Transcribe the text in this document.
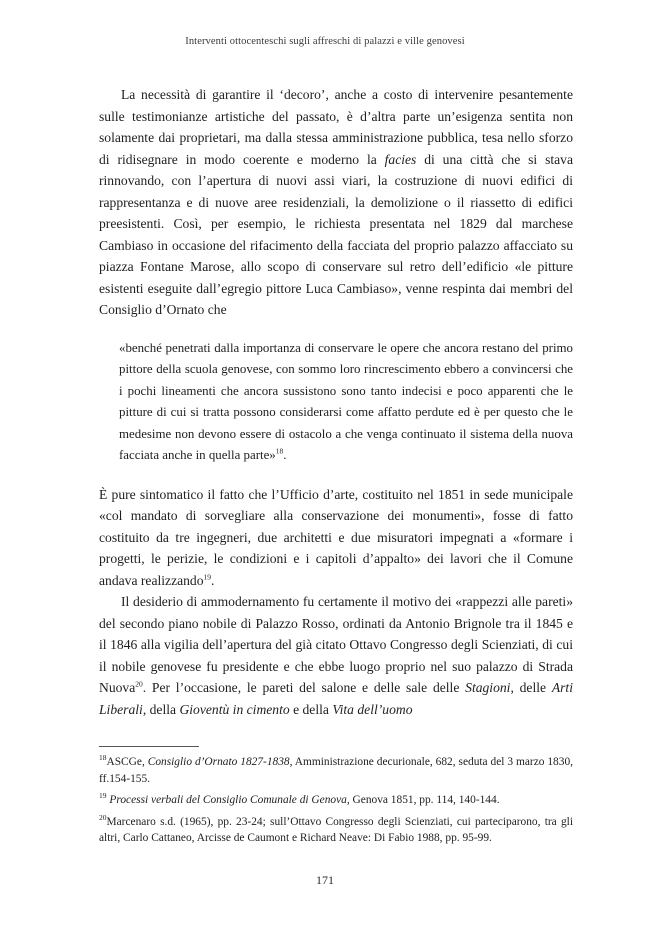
Interventi ottocenteschi sugli affreschi di palazzi e ville genovesi

La necessità di garantire il ‘decoro’, anche a costo di intervenire pesantemente sulle testimonianze artistiche del passato, è d’altra parte un’esigenza sentita non solamente dai proprietari, ma dalla stessa amministrazione pubblica, tesa nello sforzo di ridisegnare in modo coerente e moderno la facies di una città che si stava rinnovando, con l’apertura di nuovi assi viari, la costruzione di nuovi edifici di rappresentanza e di nuove aree residenziali, la demolizione o il riassetto di edifici preesistenti. Così, per esempio, le richiesta presentata nel 1829 dal marchese Cambiaso in occasione del rifacimento della facciata del proprio palazzo affacciato su piazza Fontane Marose, allo scopo di conservare sul retro dell’edificio «le pitture esistenti eseguite dall’egregio pittore Luca Cambiaso», venne respinta dai membri del Consiglio d’Ornato che

«benché penetrati dalla importanza di conservare le opere che ancora restano del primo pittore della scuola genovese, con sommo loro rincrescimento ebbero a convincersi che i pochi lineamenti che ancora sussistono sono tanto indecisi e poco apparenti che le pitture di cui si tratta possono considerarsi come affatto perdute ed è per questo che le medesime non devono essere di ostacolo a che venga continuato il sistema della nuova facciata anche in quella parte»$^{18}$.

È pure sintomatico il fatto che l’Ufficio d’arte, costituito nel 1851 in sede municipale «col mandato di sorvegliare alla conservazione dei monumenti», fosse di fatto costituito da tre ingegneri, due architetti e due misuratori impegnati a «formare i progetti, le perizie, le condizioni e i capitoli d’appalto» dei lavori che il Comune andava realizzando$^{19}$.

Il desiderio di ammodernamento fu certamente il motivo dei «rappezzi alle pareti» del secondo piano nobile di Palazzo Rosso, ordinati da Antonio Brignole tra il 1845 e il 1846 alla vigilia dell’apertura del già citato Ottavo Congresso degli Scienziati, di cui il nobile genovese fu presidente e che ebbe luogo proprio nel suo palazzo di Strada Nuova$^{20}$. Per l’occasione, le pareti del salone e delle sale delle Stagioni, delle Arti Liberali, della Gioventù in cimento e della Vita dell’uomo

$^{18}$ASCGe, Consiglio d’Ornato 1827-1838, Amministrazione decurionale, 682, seduta del 3 marzo 1830, ff.154-155.

$^{19}$ Processi verbali del Consiglio Comunale di Genova, Genova 1851, pp. 114, 140-144.

$^{20}$Marcenaro s.d. (1965), pp. 23-24; sull’Ottavo Congresso degli Scienziati, cui parteciparono, tra gli altri, Carlo Cattaneo, Arcisse de Caumont e Richard Neave: Di Fabio 1988, pp. 95-99.

171
